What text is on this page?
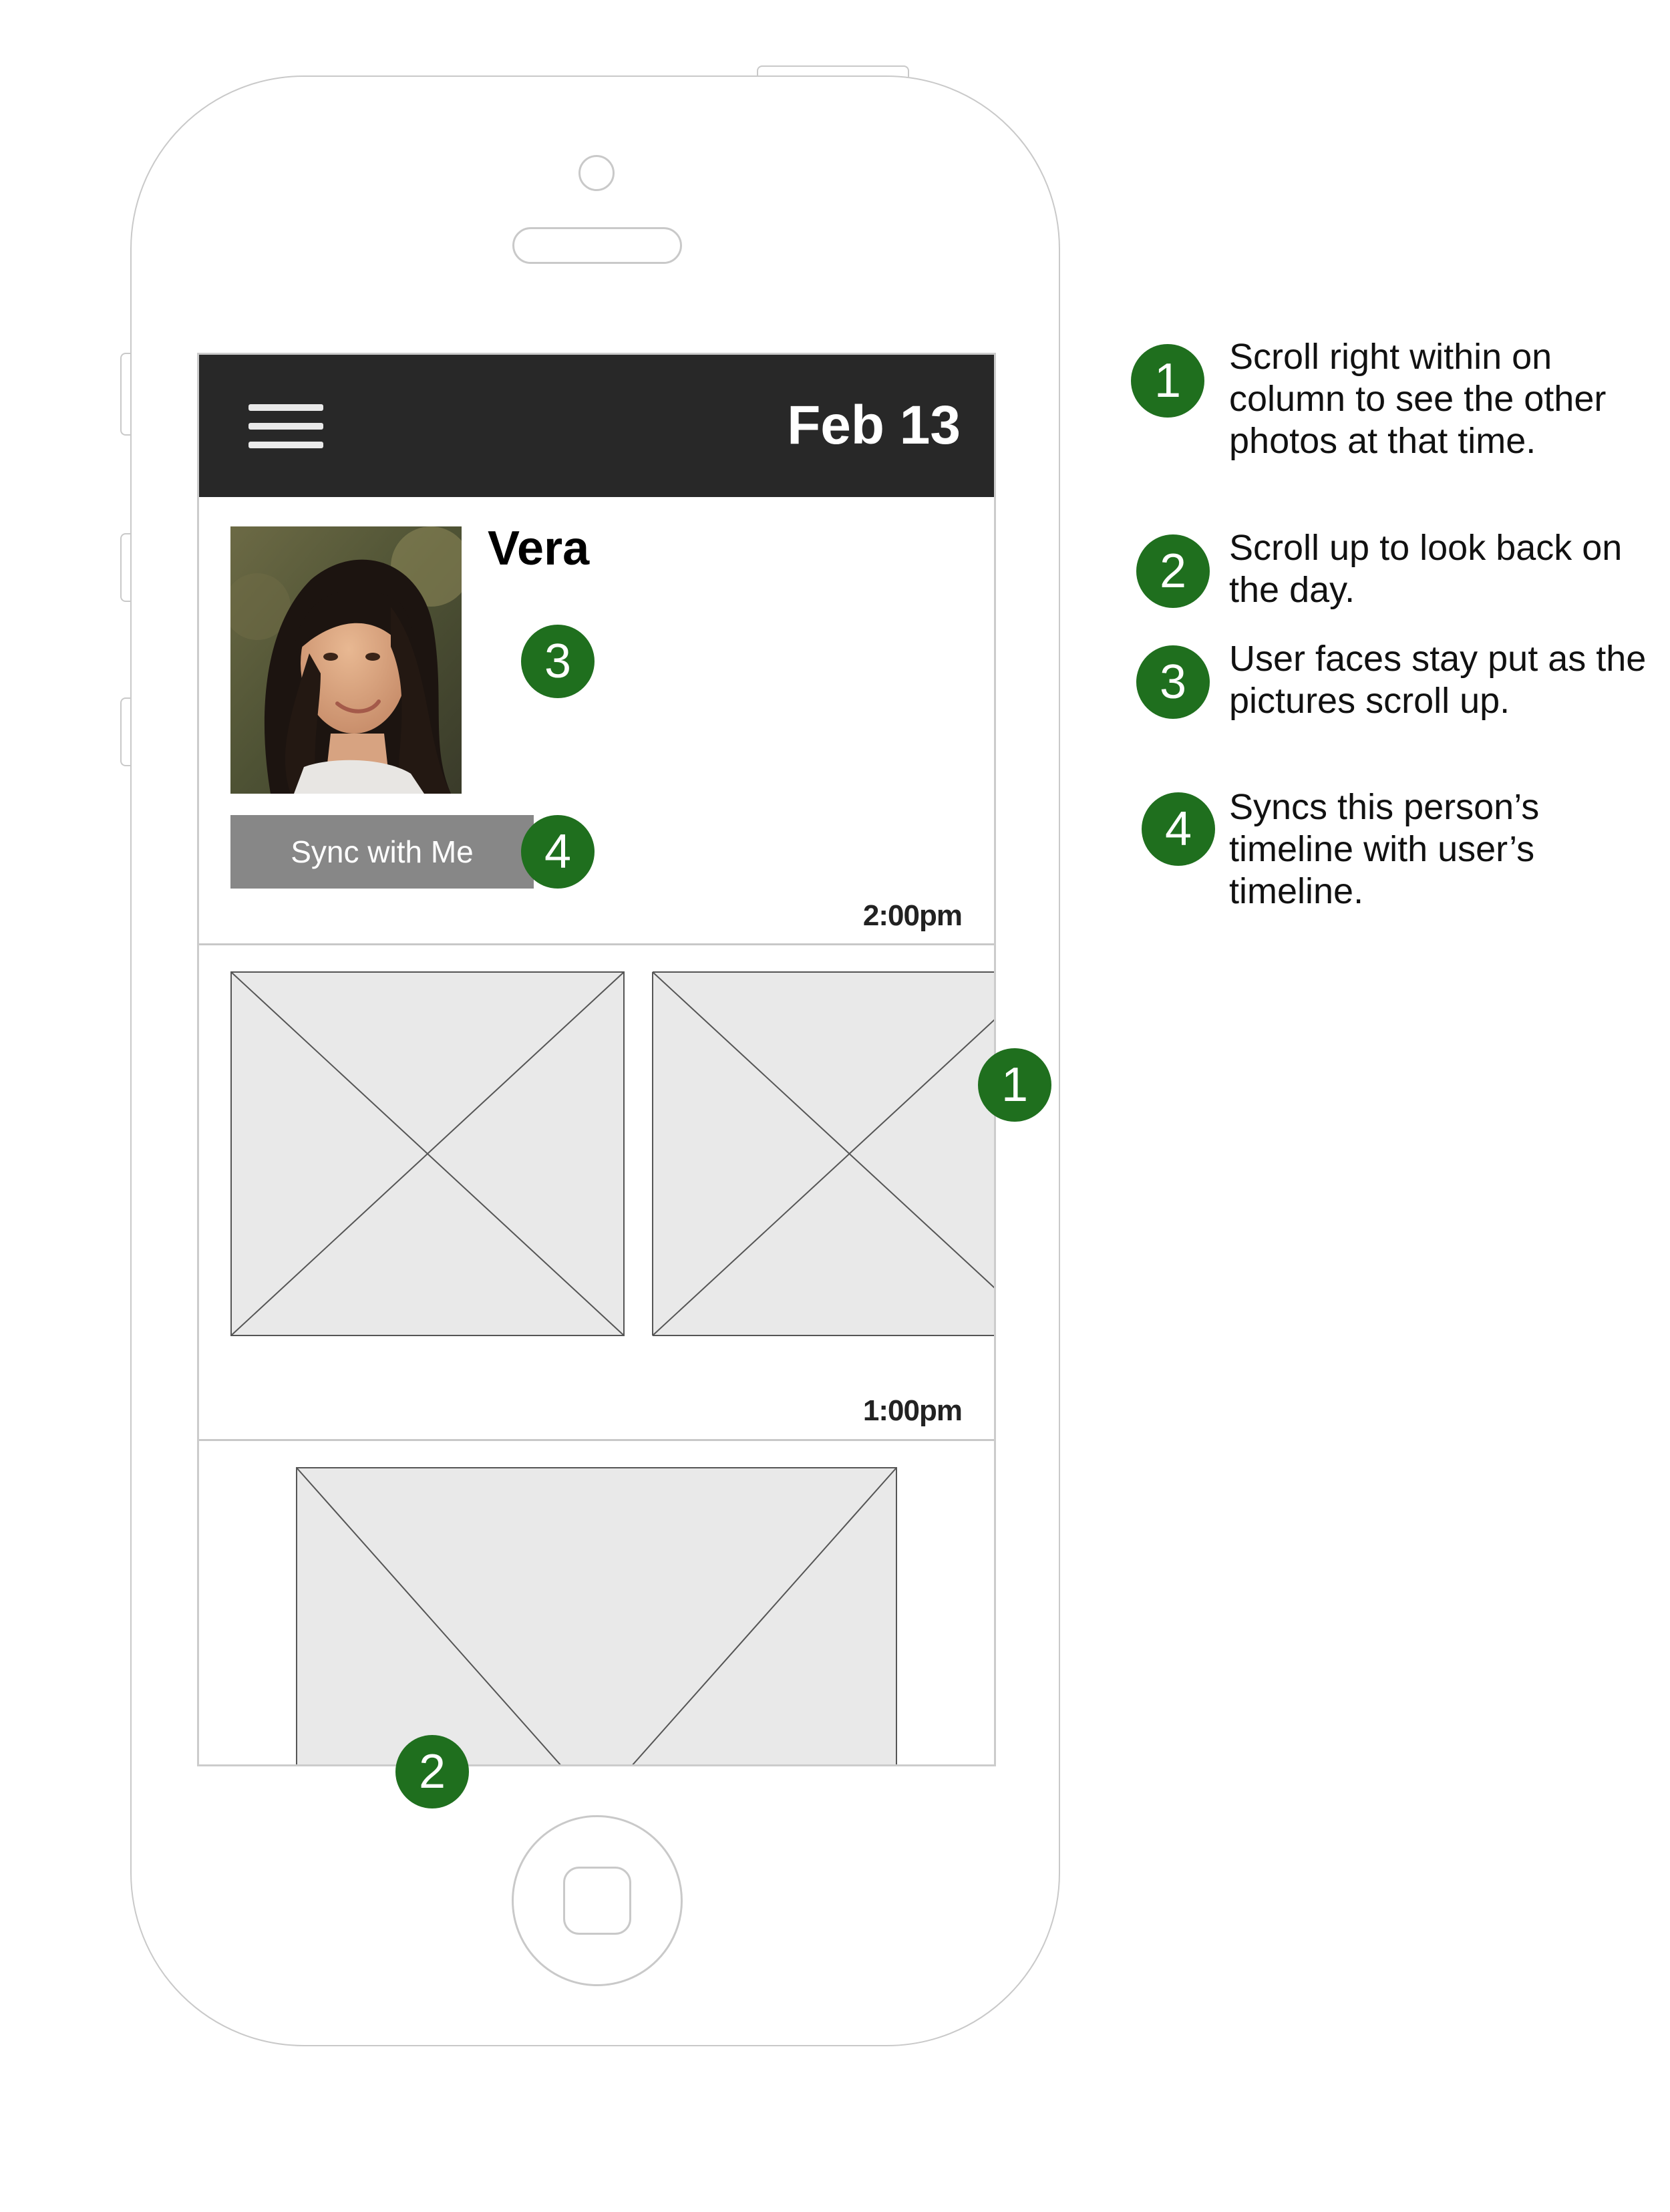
Feb 13
Vera
Sync with Me
2:00pm
1:00pm
3
4
1
2
1	Scroll right within on column to see the other photos at that time.
2	Scroll up to look back on the day.
3	User faces stay put as the pictures scroll up.
4	Syncs this person’s timeline with user’s timeline.
